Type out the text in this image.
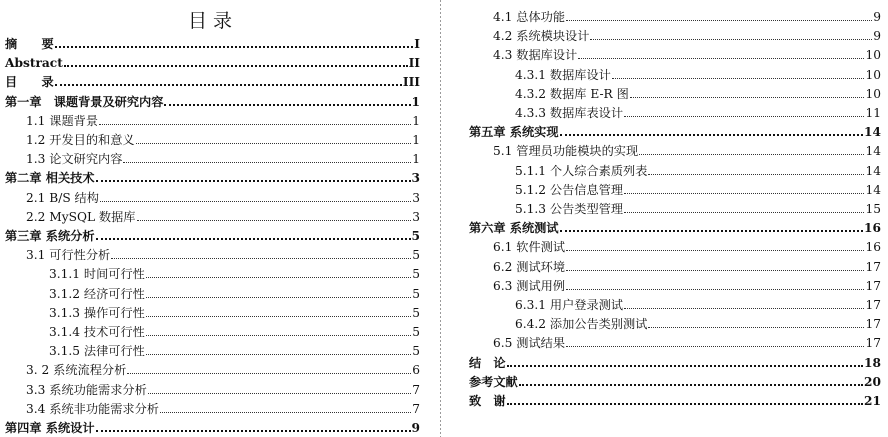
目 录
摘　　要	I
Abstract	II
目　　录	III
第一章　课题背景及研究内容	1
1.1 课题背景	1
1.2 开发目的和意义	1
1.3 论文研究内容	1
第二章 相关技术	3
2.1 B/S 结构	3
2.2 MySQL 数据库	3
第三章 系统分析	5
3.1 可行性分析	5
3.1.1 时间可行性	5
3.1.2 经济可行性	5
3.1.3 操作可行性	5
3.1.4 技术可行性	5
3.1.5 法律可行性	5
3. 2 系统流程分析	6
3.3 系统功能需求分析	7
3.4 系统非功能需求分析	7
第四章 系统设计	9
4.1 总体功能	9
4.2 系统模块设计	9
4.3 数据库设计	10
4.3.1 数据库设计	10
4.3.2 数据库 E-R 图	10
4.3.3 数据库表设计	11
第五章 系统实现	14
5.1 管理员功能模块的实现	14
5.1.1 个人综合素质列表	14
5.1.2 公告信息管理	14
5.1.3 公告类型管理	15
第六章 系统测试	16
6.1 软件测试	16
6.2 测试环境	17
6.3 测试用例	17
6.3.1 用户登录测试	17
6.4.2 添加公告类别测试	17
6.5 测试结果	17
结　论	18
参考文献	20
致　谢	21
